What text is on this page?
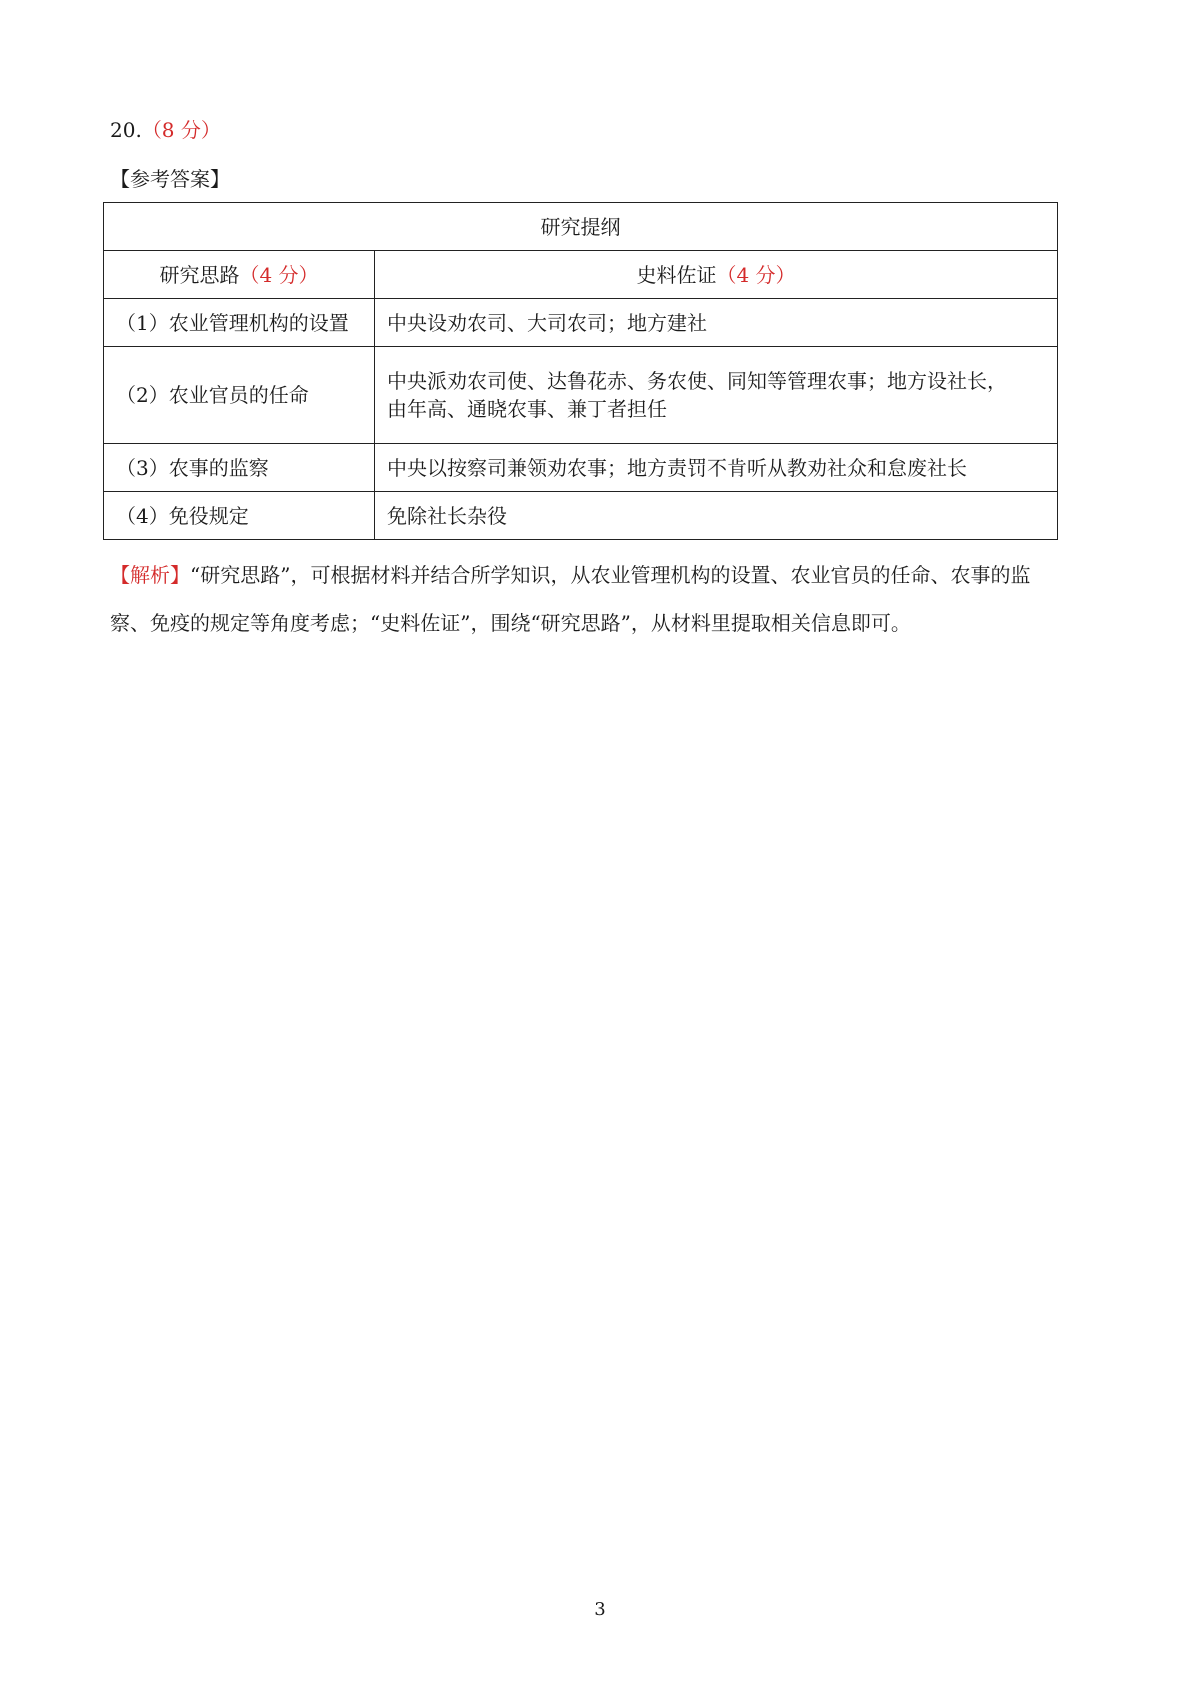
20.（8 分）
【参考答案】
研究提纲	
研究思路（4 分）	史料佐证（4 分）
（1）农业管理机构的设置	中央设劝农司、大司农司；地方建社
（2）农业官员的任命	中央派劝农司使、达鲁花赤、务农使、同知等管理农事；地方设社长，
由年高、通晓农事、兼丁者担任
（3）农事的监察	中央以按察司兼领劝农事；地方责罚不肯听从教劝社众和怠废社长
（4）免役规定	免除社长杂役
【解析】“研究思路”，可根据材料并结合所学知识，从农业管理机构的设置、农业官员的任命、农事的监
察、免疫的规定等角度考虑；“史料佐证”，围绕“研究思路”，从材料里提取相关信息即可。
3
